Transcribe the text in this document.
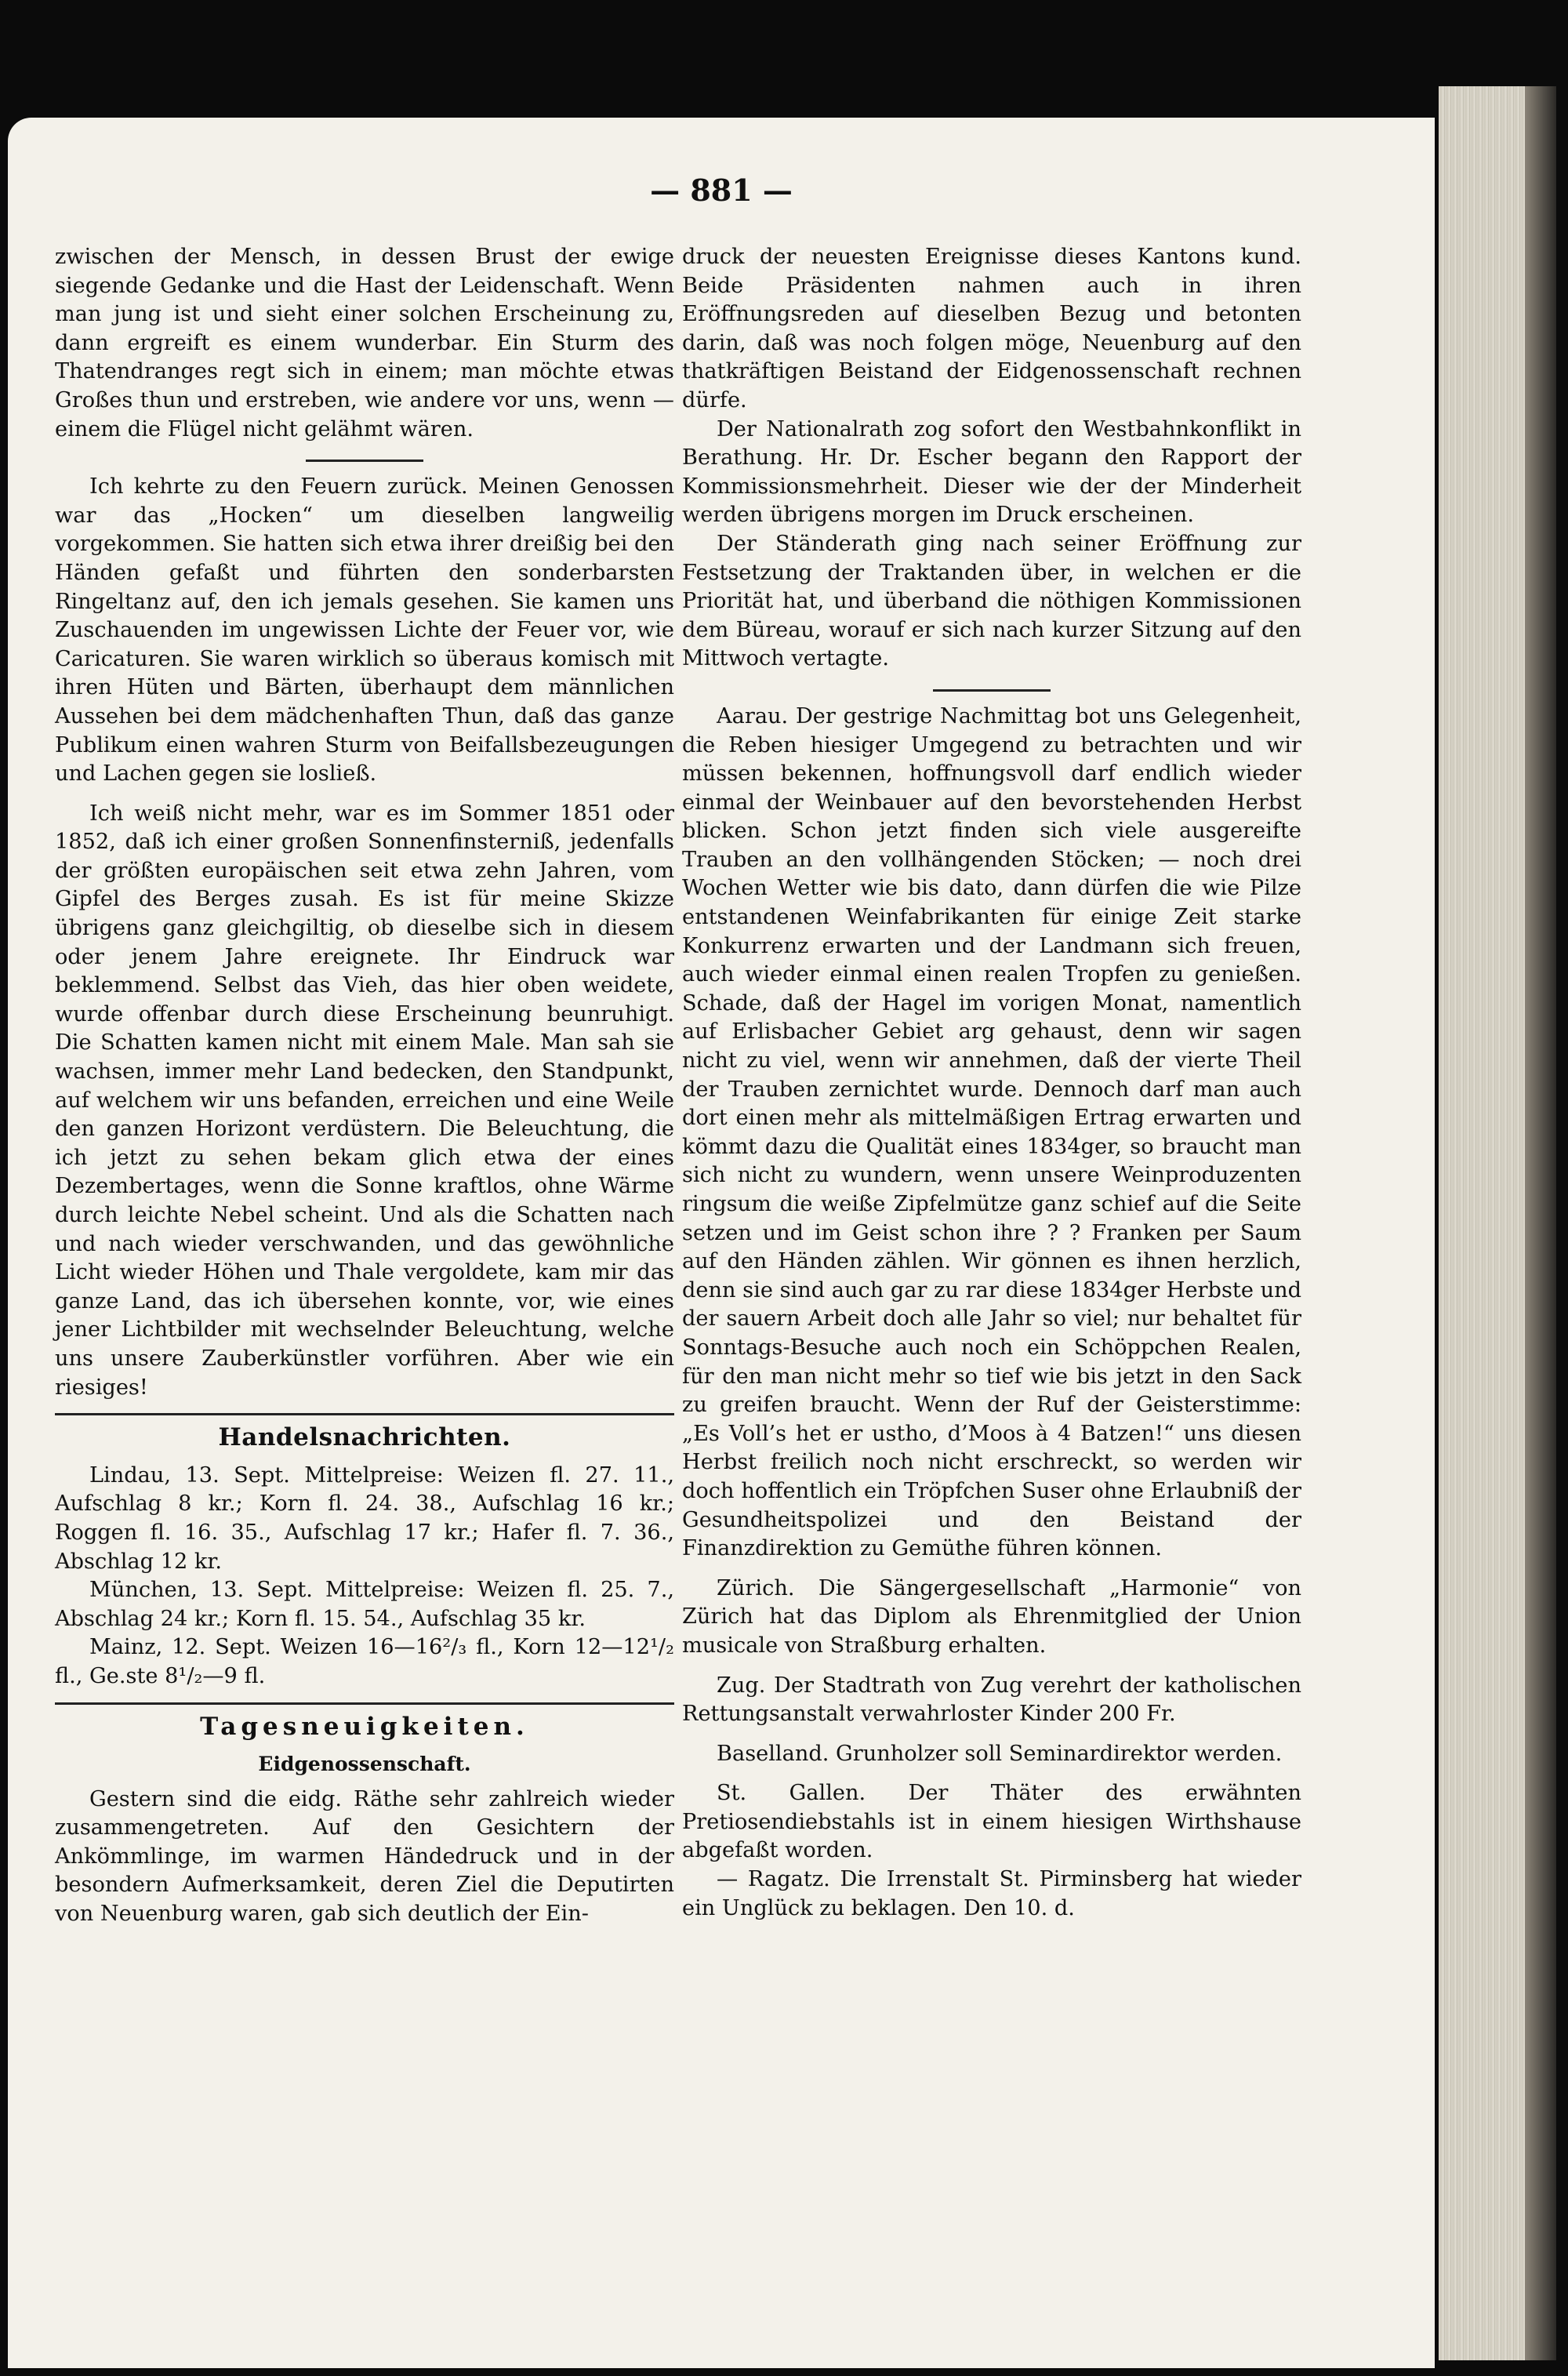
— 881 —

zwischen der Mensch, in dessen Brust der ewige siegende Gedanke und die Hast der Leidenschaft. Wenn man jung ist und sieht einer solchen Erscheinung zu, dann ergreift es einem wunderbar. Ein Sturm des Thatendranges regt sich in einem; man möchte etwas Großes thun und erstreben, wie andere vor uns, wenn — einem die Flügel nicht gelähmt wären.

Ich kehrte zu den Feuern zurück. Meinen Genossen war das „Hocken“ um dieselben langweilig vorgekommen. Sie hatten sich etwa ihrer dreißig bei den Händen gefaßt und führten den sonderbarsten Ringeltanz auf, den ich jemals gesehen. Sie kamen uns Zuschauenden im ungewissen Lichte der Feuer vor, wie Caricaturen. Sie waren wirklich so überaus komisch mit ihren Hüten und Bärten, überhaupt dem männlichen Aussehen bei dem mädchenhaften Thun, daß das ganze Publikum einen wahren Sturm von Beifallsbezeugungen und Lachen gegen sie losließ.

Ich weiß nicht mehr, war es im Sommer 1851 oder 1852, daß ich einer großen Sonnenfinsterniß, jedenfalls der größten europäischen seit etwa zehn Jahren, vom Gipfel des Berges zusah. Es ist für meine Skizze übrigens ganz gleichgiltig, ob dieselbe sich in diesem oder jenem Jahre ereignete. Ihr Eindruck war beklemmend. Selbst das Vieh, das hier oben weidete, wurde offenbar durch diese Erscheinung beunruhigt. Die Schatten kamen nicht mit einem Male. Man sah sie wachsen, immer mehr Land bedecken, den Standpunkt, auf welchem wir uns befanden, erreichen und eine Weile den ganzen Horizont verdüstern. Die Beleuchtung, die ich jetzt zu sehen bekam glich etwa der eines Dezembertages, wenn die Sonne kraftlos, ohne Wärme durch leichte Nebel scheint. Und als die Schatten nach und nach wieder verschwanden, und das gewöhnliche Licht wieder Höhen und Thale vergoldete, kam mir das ganze Land, das ich übersehen konnte, vor, wie eines jener Lichtbilder mit wechselnder Beleuchtung, welche uns unsere Zauberkünstler vorführen. Aber wie ein riesiges!

Handelsnachrichten.

Lindau, 13. Sept. Mittelpreise: Weizen fl. 27. 11., Aufschlag 8 kr.; Korn fl. 24. 38., Aufschlag 16 kr.; Roggen fl. 16. 35., Aufschlag 17 kr.; Hafer fl. 7. 36., Abschlag 12 kr.

München, 13. Sept. Mittelpreise: Weizen fl. 25. 7., Abschlag 24 kr.; Korn fl. 15. 54., Aufschlag 35 kr.

Mainz, 12. Sept. Weizen 16—16²/₃ fl., Korn 12—12¹/₂ fl., Ge.ste 8¹/₂—9 fl.

Tagesneuigkeiten.
Eidgenossenschaft.

Gestern sind die eidg. Räthe sehr zahlreich wieder zusammengetreten. Auf den Gesichtern der Ankömmlinge, im warmen Händedruck und in der besondern Aufmerksamkeit, deren Ziel die Deputirten von Neuenburg waren, gab sich deutlich der Ein-

druck der neuesten Ereignisse dieses Kantons kund. Beide Präsidenten nahmen auch in ihren Eröffnungsreden auf dieselben Bezug und betonten darin, daß was noch folgen möge, Neuenburg auf den thatkräftigen Beistand der Eidgenossenschaft rechnen dürfe.

Der Nationalrath zog sofort den Westbahnkonflikt in Berathung. Hr. Dr. Escher begann den Rapport der Kommissionsmehrheit. Dieser wie der der Minderheit werden übrigens morgen im Druck erscheinen.

Der Ständerath ging nach seiner Eröffnung zur Festsetzung der Traktanden über, in welchen er die Priorität hat, und überband die nöthigen Kommissionen dem Büreau, worauf er sich nach kurzer Sitzung auf den Mittwoch vertagte.

Aarau. Der gestrige Nachmittag bot uns Gelegenheit, die Reben hiesiger Umgegend zu betrachten und wir müssen bekennen, hoffnungsvoll darf endlich wieder einmal der Weinbauer auf den bevorstehenden Herbst blicken. Schon jetzt finden sich viele ausgereifte Trauben an den vollhängenden Stöcken; — noch drei Wochen Wetter wie bis dato, dann dürfen die wie Pilze entstandenen Weinfabrikanten für einige Zeit starke Konkurrenz erwarten und der Landmann sich freuen, auch wieder einmal einen realen Tropfen zu genießen. Schade, daß der Hagel im vorigen Monat, namentlich auf Erlisbacher Gebiet arg gehaust, denn wir sagen nicht zu viel, wenn wir annehmen, daß der vierte Theil der Trauben zernichtet wurde. Dennoch darf man auch dort einen mehr als mittelmäßigen Ertrag erwarten und kömmt dazu die Qualität eines 1834ger, so braucht man sich nicht zu wundern, wenn unsere Weinproduzenten ringsum die weiße Zipfelmütze ganz schief auf die Seite setzen und im Geist schon ihre ? ? Franken per Saum auf den Händen zählen. Wir gönnen es ihnen herzlich, denn sie sind auch gar zu rar diese 1834ger Herbste und der sauern Arbeit doch alle Jahr so viel; nur behaltet für Sonntags-Besuche auch noch ein Schöppchen Realen, für den man nicht mehr so tief wie bis jetzt in den Sack zu greifen braucht. Wenn der Ruf der Geisterstimme: „Es Voll’s het er ustho, d’Moos à 4 Batzen!“ uns diesen Herbst freilich noch nicht erschreckt, so werden wir doch hoffentlich ein Tröpfchen Suser ohne Erlaubniß der Gesundheitspolizei und den Beistand der Finanzdirektion zu Gemüthe führen können.

Zürich. Die Sängergesellschaft „Harmonie“ von Zürich hat das Diplom als Ehrenmitglied der Union musicale von Straßburg erhalten.

Zug. Der Stadtrath von Zug verehrt der katholischen Rettungsanstalt verwahrloster Kinder 200 Fr.

Baselland. Grunholzer soll Seminardirektor werden.

St. Gallen. Der Thäter des erwähnten Pretiosendiebstahls ist in einem hiesigen Wirthshause abgefaßt worden.

— Ragatz. Die Irrenstalt St. Pirminsberg hat wieder ein Unglück zu beklagen. Den 10. d.
